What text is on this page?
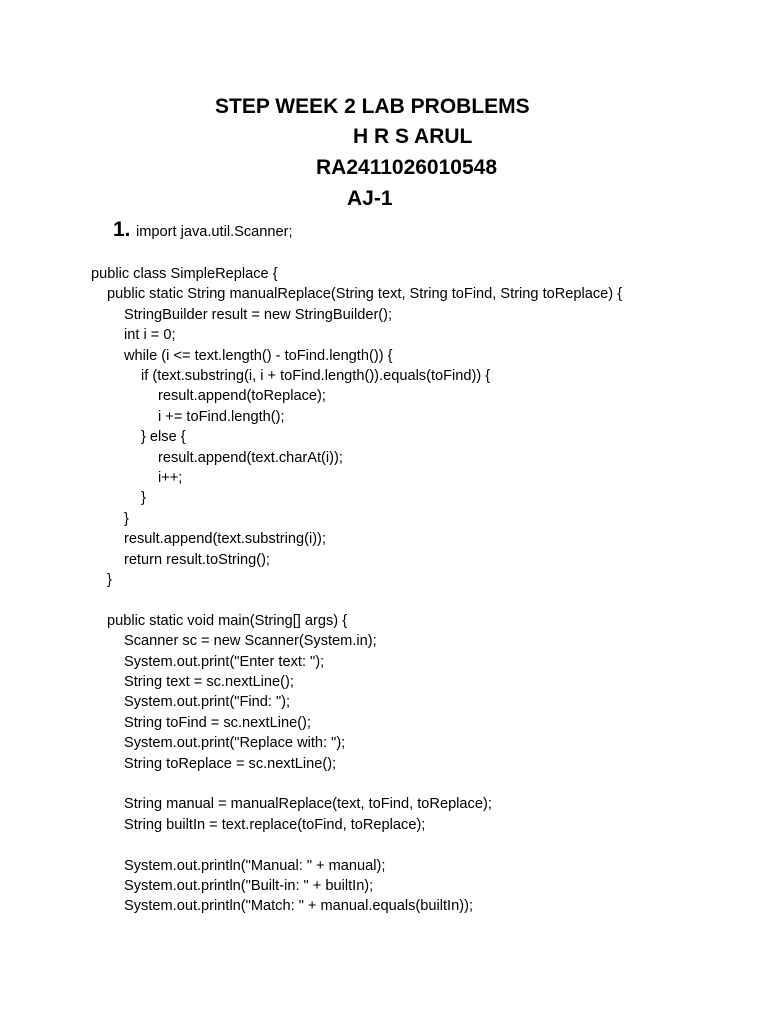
STEP WEEK 2 LAB PROBLEMS
H R S ARUL
RA2411026010548
AJ-1
1. import java.util.Scanner;
public class SimpleReplace {
public static String manualReplace(String text, String toFind, String toReplace) {
StringBuilder result = new StringBuilder();
int i = 0;
while (i <= text.length() - toFind.length()) {
if (text.substring(i, i + toFind.length()).equals(toFind)) {
result.append(toReplace);
i += toFind.length();
} else {
result.append(text.charAt(i));
i++;
}
}
result.append(text.substring(i));
return result.toString();
}
public static void main(String[] args) {
Scanner sc = new Scanner(System.in);
System.out.print("Enter text: ");
String text = sc.nextLine();
System.out.print("Find: ");
String toFind = sc.nextLine();
System.out.print("Replace with: ");
String toReplace = sc.nextLine();
String manual = manualReplace(text, toFind, toReplace);
String builtIn = text.replace(toFind, toReplace);
System.out.println("Manual: " + manual);
System.out.println("Built-in: " + builtIn);
System.out.println("Match: " + manual.equals(builtIn));
